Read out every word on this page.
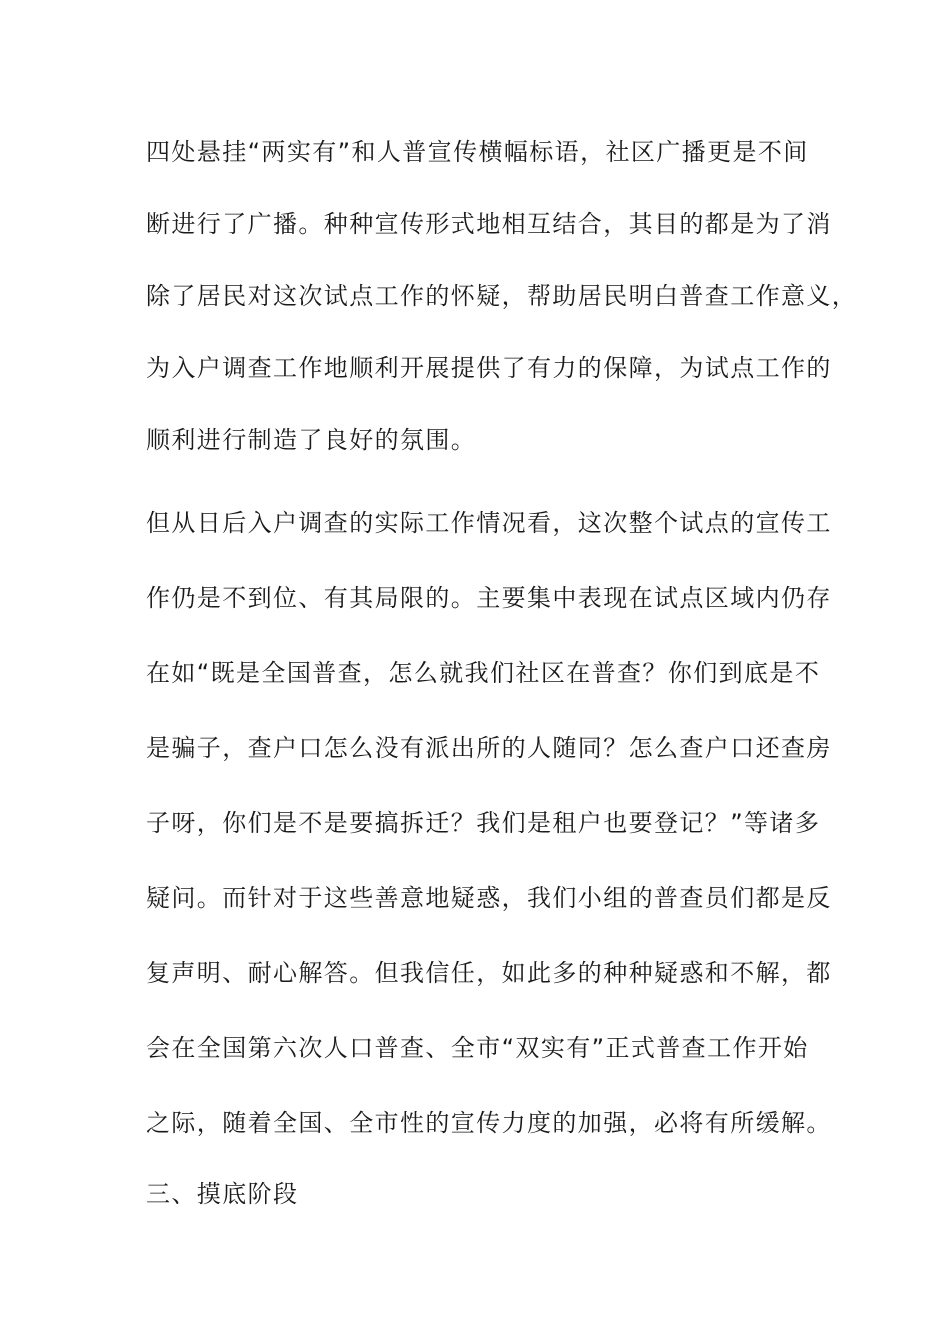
四处悬挂“两实有”和人普宣传横幅标语，社区广播更是不间
断进行了广播。种种宣传形式地相互结合，其目的都是为了消
除了居民对这次试点工作的怀疑，帮助居民明白普查工作意义，
为入户调查工作地顺利开展提供了有力的保障，为试点工作的
顺利进行制造了良好的氛围。
但从日后入户调查的实际工作情况看，这次整个试点的宣传工
作仍是不到位、有其局限的。主要集中表现在试点区域内仍存
在如“既是全国普查，怎么就我们社区在普查？你们到底是不
是骗子，查户口怎么没有派出所的人随同？怎么查户口还查房
子呀，你们是不是要搞拆迁？我们是租户也要登记？”等诸多
疑问。而针对于这些善意地疑惑，我们小组的普查员们都是反
复声明、耐心解答。但我信任，如此多的种种疑惑和不解，都
会在全国第六次人口普查、全市“双实有”正式普查工作开始
之际，随着全国、全市性的宣传力度的加强，必将有所缓解。
三、摸底阶段
